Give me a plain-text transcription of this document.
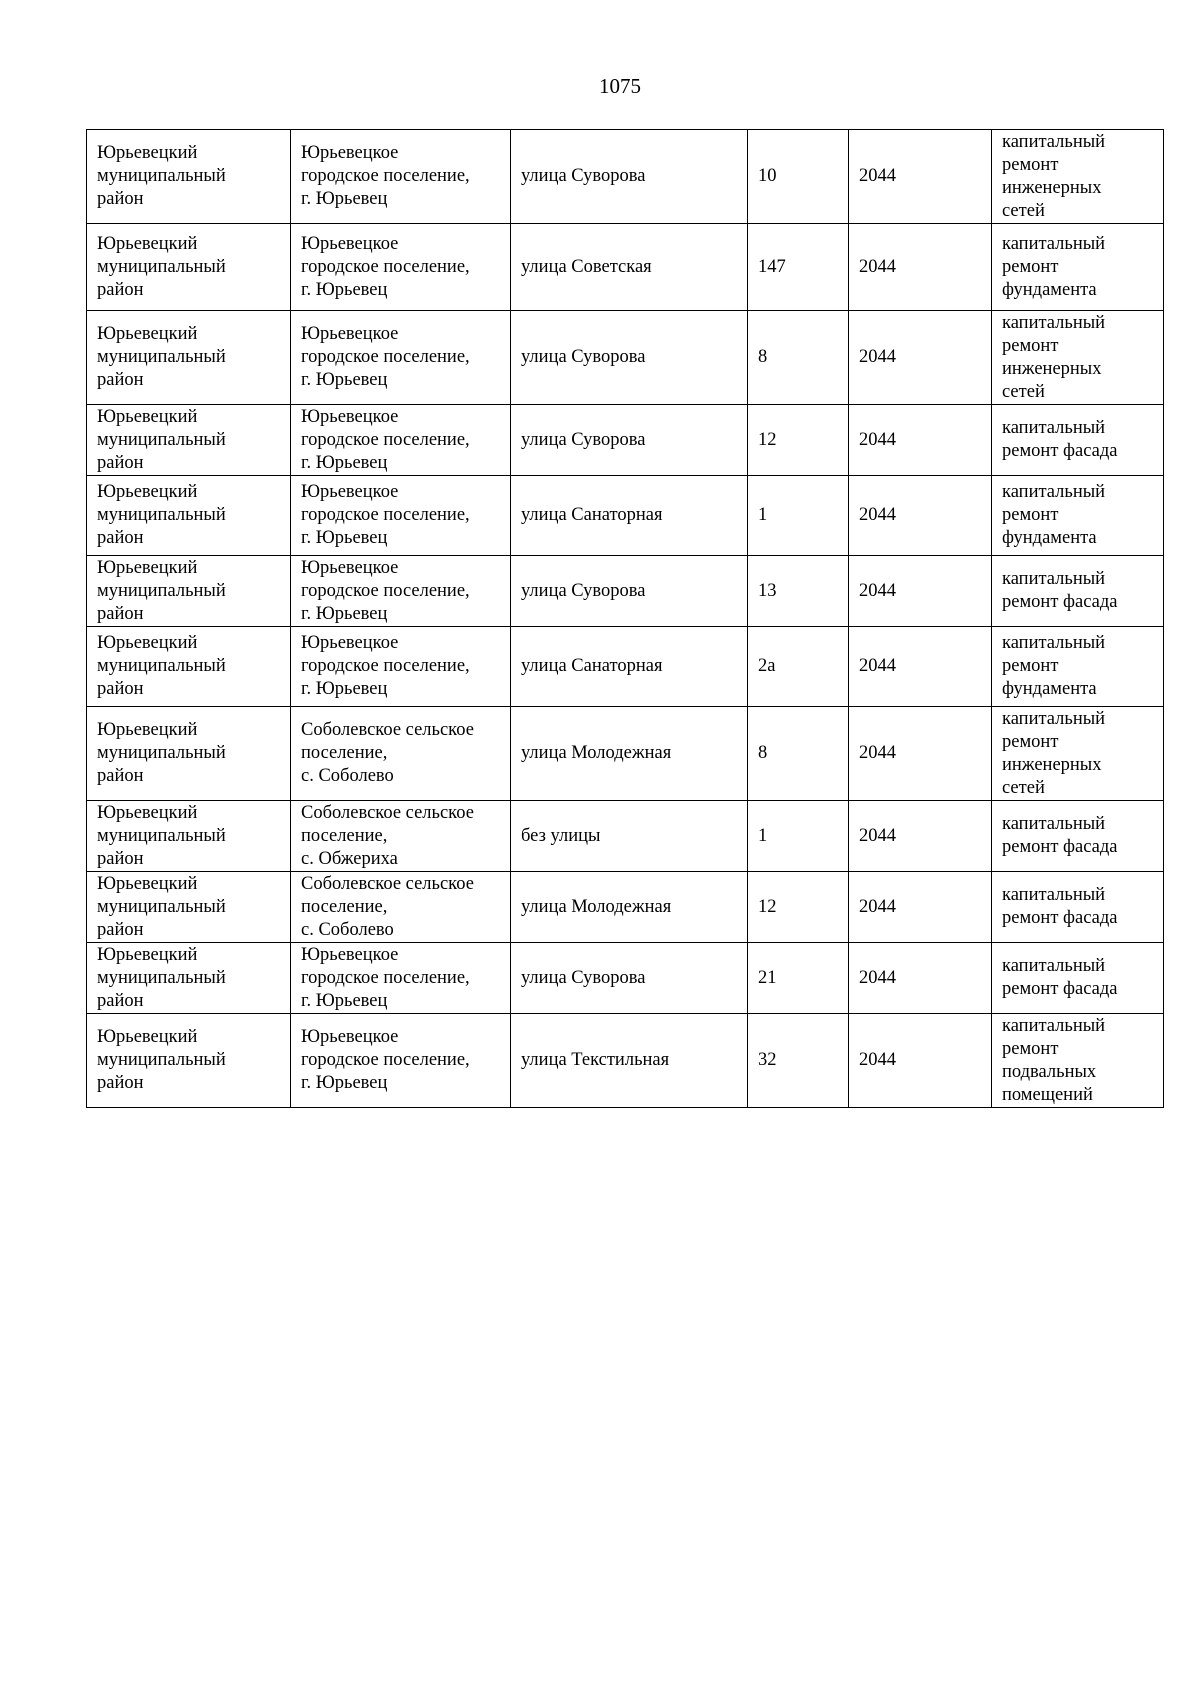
1075
Юрьевецкий
муниципальный
район	Юрьевецкое
городское поселение,
г. Юрьевец	улица Суворова	10	2044	капитальный
ремонт
инженерных
сетей
Юрьевецкий
муниципальный
район	Юрьевецкое
городское поселение,
г. Юрьевец	улица Советская	147	2044	капитальный
ремонт
фундамента
Юрьевецкий
муниципальный
район	Юрьевецкое
городское поселение,
г. Юрьевец	улица Суворова	8	2044	капитальный
ремонт
инженерных
сетей
Юрьевецкий
муниципальный
район	Юрьевецкое
городское поселение,
г. Юрьевец	улица Суворова	12	2044	капитальный
ремонт фасада
Юрьевецкий
муниципальный
район	Юрьевецкое
городское поселение,
г. Юрьевец	улица Санаторная	1	2044	капитальный
ремонт
фундамента
Юрьевецкий
муниципальный
район	Юрьевецкое
городское поселение,
г. Юрьевец	улица Суворова	13	2044	капитальный
ремонт фасада
Юрьевецкий
муниципальный
район	Юрьевецкое
городское поселение,
г. Юрьевец	улица Санаторная	2а	2044	капитальный
ремонт
фундамента
Юрьевецкий
муниципальный
район	Соболевское сельское
поселение,
с. Соболево	улица Молодежная	8	2044	капитальный
ремонт
инженерных
сетей
Юрьевецкий
муниципальный
район	Соболевское сельское
поселение,
с. Обжериха	без улицы	1	2044	капитальный
ремонт фасада
Юрьевецкий
муниципальный
район	Соболевское сельское
поселение,
с. Соболево	улица Молодежная	12	2044	капитальный
ремонт фасада
Юрьевецкий
муниципальный
район	Юрьевецкое
городское поселение,
г. Юрьевец	улица Суворова	21	2044	капитальный
ремонт фасада
Юрьевецкий
муниципальный
район	Юрьевецкое
городское поселение,
г. Юрьевец	улица Текстильная	32	2044	капитальный
ремонт
подвальных
помещений
